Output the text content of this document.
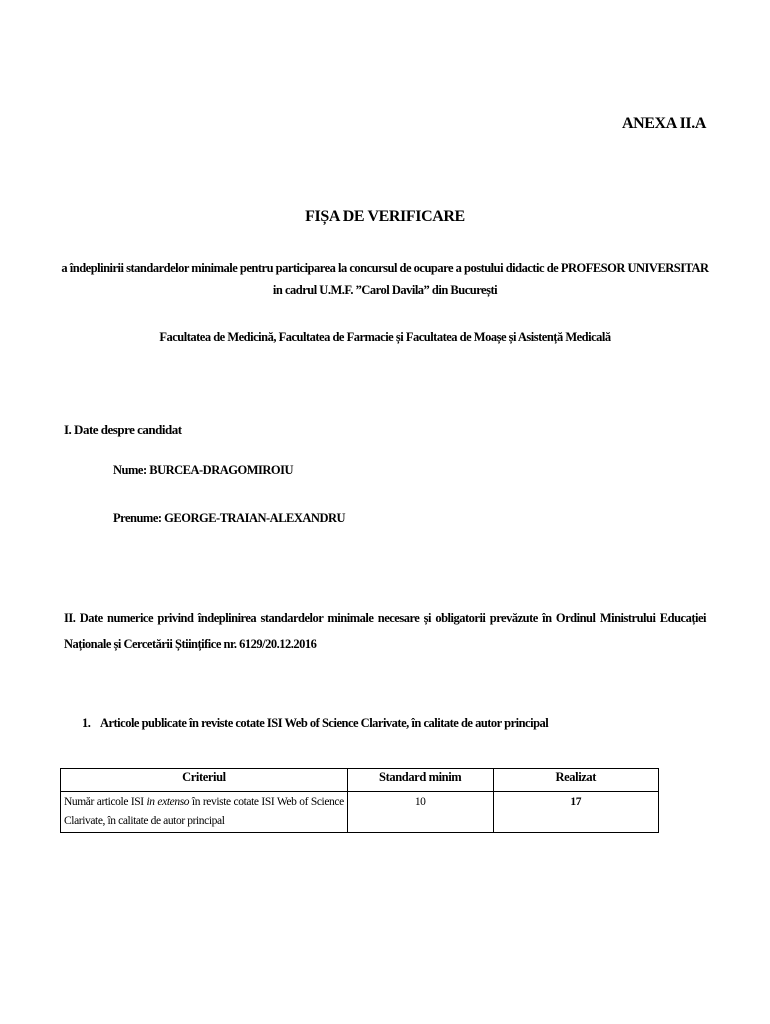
ANEXA II.A
FIȘA DE VERIFICARE
a îndeplinirii standardelor minimale pentru participarea la concursul de ocupare a postului didactic de PROFESOR UNIVERSITAR in cadrul U.M.F. ”Carol Davila” din București
Facultatea de Medicină, Facultatea de Farmacie și Facultatea de Moașe și Asistență Medicală
I. Date despre candidat
Nume: BURCEA-DRAGOMIROIU
Prenume: GEORGE-TRAIAN-ALEXANDRU
II. Date numerice privind îndeplinirea standardelor minimale necesare și obligatorii prevăzute în Ordinul Ministrului Educației Naționale și Cercetării Științifice nr. 6129/20.12.2016
1. Articole publicate în reviste cotate ISI Web of Science Clarivate, în calitate de autor principal
Criteriul	Standard minim	Realizat
Număr articole ISI in extenso în reviste cotate ISI Web of Science Clarivate, în calitate de autor principal	10	17
